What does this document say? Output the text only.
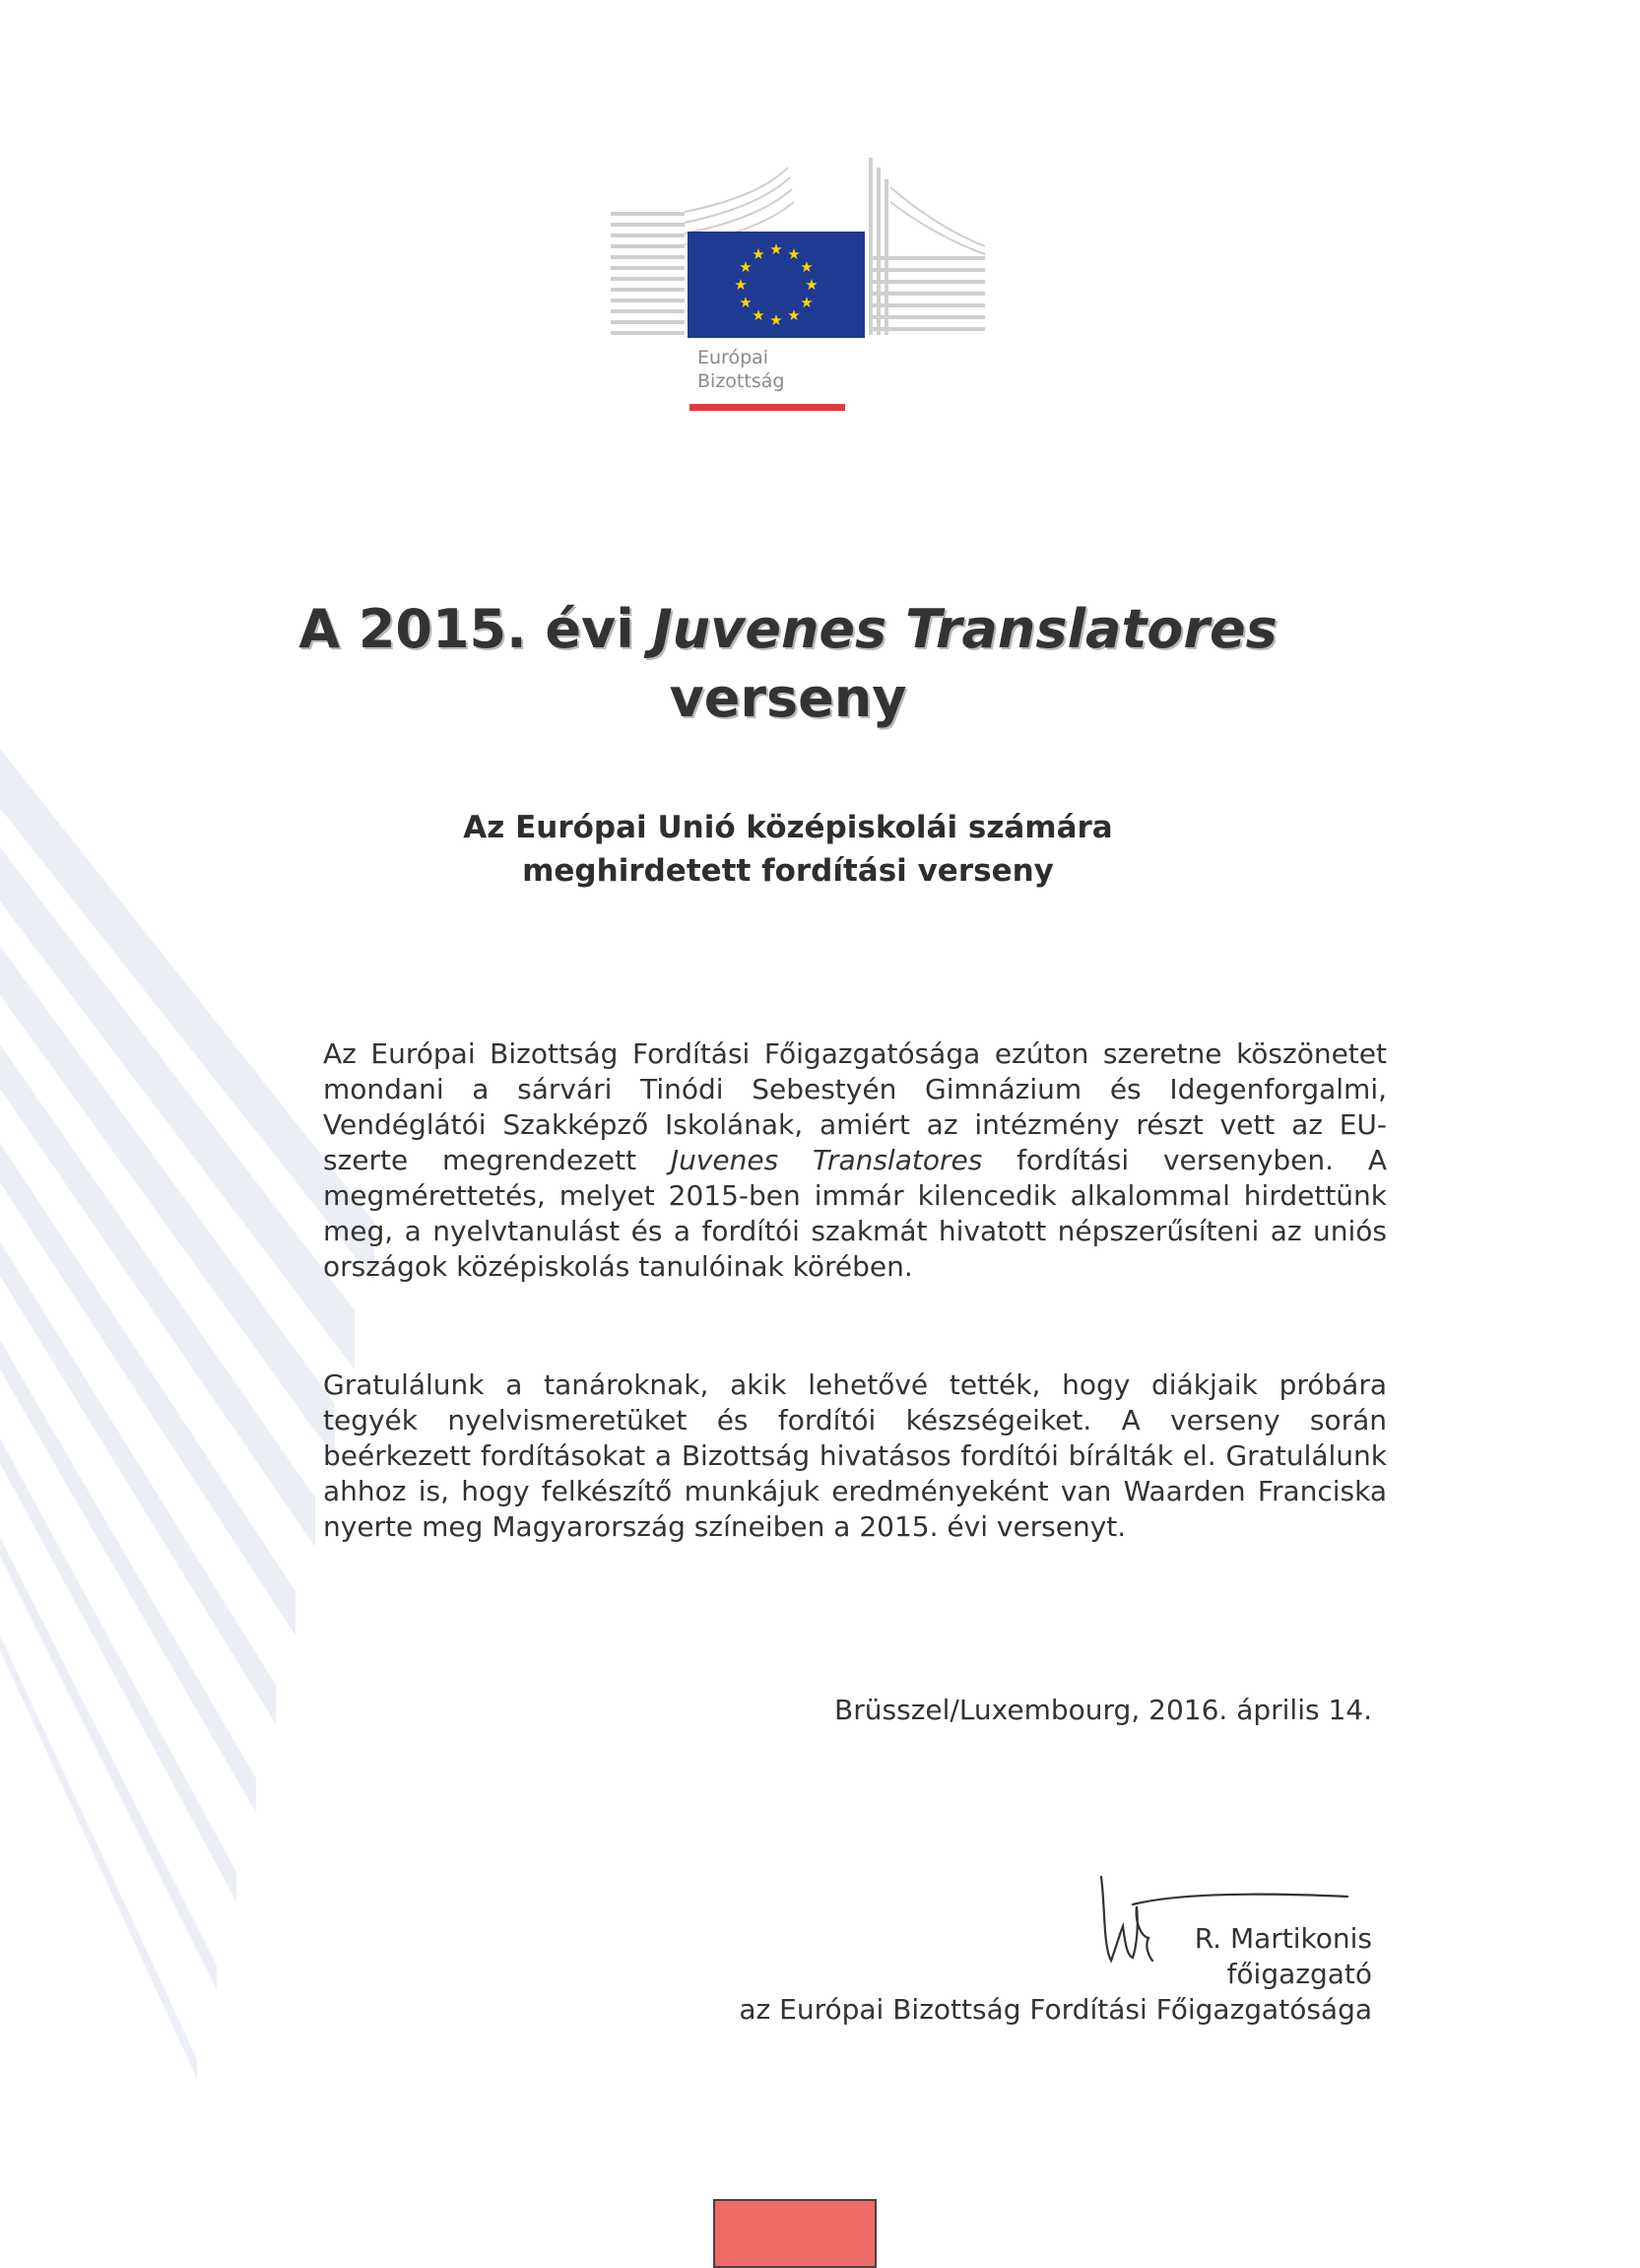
★ ★
★
★
★
★
★
★
★
★
★
★
Európai
Bizottság
A 2015. évi Juvenes Translatores
verseny
Az Európai Unió középiskolái számára
meghirdetett fordítási verseny

Az Európai Bizottság Fordítási Főigazgatósága ezúton szeretne köszönetet mondani a sárvári Tinódi Sebestyén Gimnázium és Idegenforgalmi, Vendéglátói Szakképző Iskolának, amiért az intézmény részt vett az EU-szerte megrendezett Juvenes Translatores fordítási versenyben. A megmérettetés, melyet 2015-ben immár kilencedik alkalommal hirdettünk meg, a nyelvtanulást és a fordítói szakmát hivatott népszerűsíteni az uniós országok középiskolás tanulóinak körében.

Gratulálunk a tanároknak, akik lehetővé tették, hogy diákjaik próbára tegyék nyelvismeretüket és fordítói készségeiket. A verseny során beérkezett fordításokat a Bizottság hivatásos fordítói bírálták el. Gratulálunk ahhoz is, hogy felkészítő munkájuk eredményeként van Waarden Franciska nyerte meg Magyarország színeiben a 2015. évi versenyt.

Brüsszel/Luxembourg, 2016. április 14.
R. Martikonis
főigazgató
az Európai Bizottság Fordítási Főigazgatósága
